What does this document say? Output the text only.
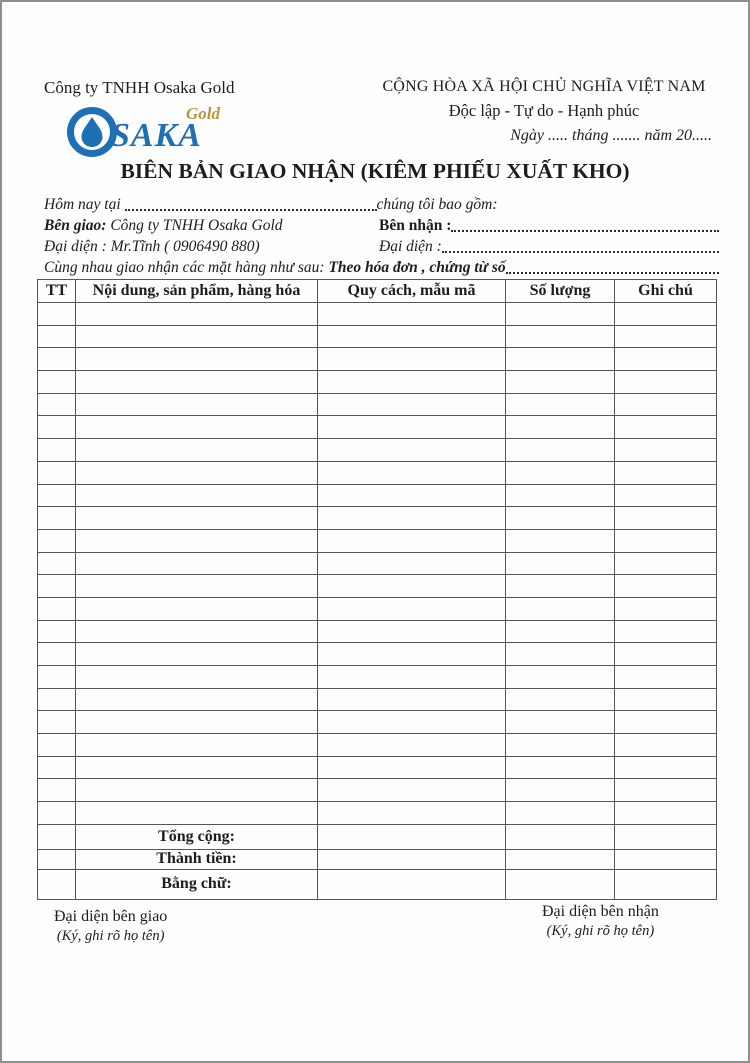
Công ty TNHH Osaka Gold	CỘNG HÒA XÃ HỘI CHỦ NGHĨA VIỆT NAM
Độc lập - Tự do - Hạnh phúc
Ngày ..... tháng ....... năm 20.....
SAKA
Gold
BIÊN BẢN GIAO NHẬN (KIÊM PHIẾU XUẤT KHO)
Hôm nay tại	chúng tôi bao gồm:
Bên giao: Công ty TNHH Osaka Gold	Bên nhận :
Đại diện : Mr.Tĩnh ( 0906490 880)	Đại diện :
Cùng nhau giao nhận các mặt hàng như sau: Theo hóa đơn , chứng từ số
TT	Nội dung, sản phẩm, hàng hóa	Quy cách, mẫu mã	Số lượng	Ghi chú

	Tổng cộng:			
	Thành tiền:			
	Bằng chữ:			
Đại diện bên giao
(Ký, ghi rõ họ tên)
Đại diện bên nhận
(Ký, ghi rõ họ tên)
